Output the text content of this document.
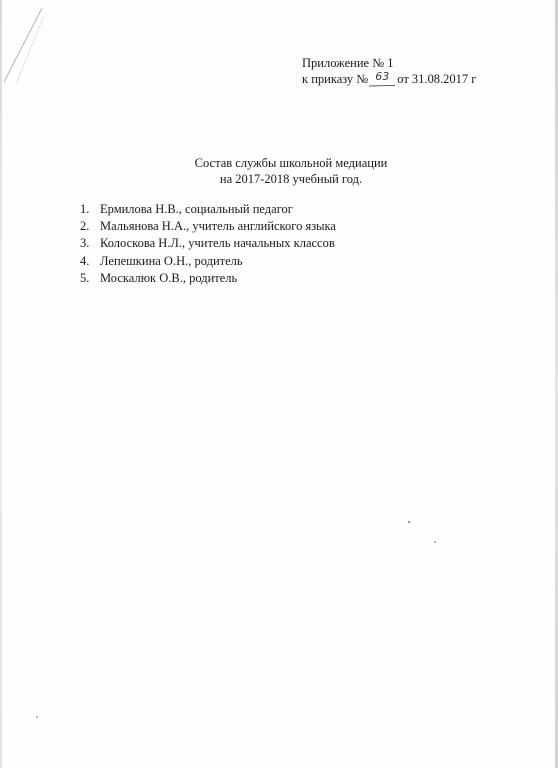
Приложение № 1
к приказу № 63 от 31.08.2017 г
Состав службы школьной медиации
на 2017-2018 учебный год.
1. Ермилова Н.В., социальный педагог
2. Мальянова Н.А., учитель английского языка
3. Колоскова Н.Л., учитель начальных классов
4. Лепешкина О.Н., родитель
5. Москалюк О.В., родитель
